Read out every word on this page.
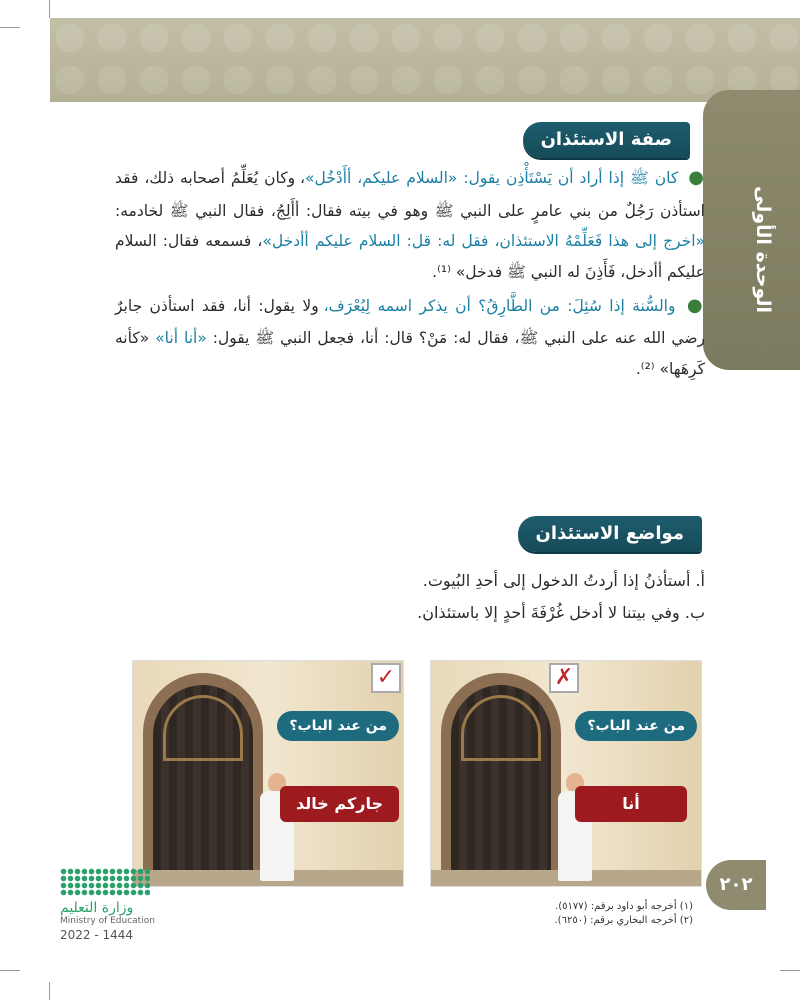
الوحدة الأولى
صفة الاستئذان

● كان ﷺ إذا أراد أن يَسْتَأْذِن يقول: «السلام عليكم، أأَدْخُل»، وكان يُعَلِّمُ أصحابه ذلك، فقد استأذن رَجُلٌ من بني عامرٍ على النبي ﷺ وهو في بيته فقال: أأَلِجُ، فقال النبي ﷺ لخادمه: «اخرج إلى هذا فَعَلِّمْهُ الاستئذان، فقل له: قل: السلام عليكم أأدخل»، فسمعه فقال: السلام عليكم أأدخل، فَأَذِنَ له النبي ﷺ فدخل» ⁽¹⁾.

● والسُّنة إذا سُئِلَ: من الطَّارِقُ؟ أن يذكر اسمه لِيُعْرَف، ولا يقول: أنا، فقد استأذن جابرٌ رضي الله عنه على النبي ﷺ، فقال له: مَنْ؟ قال: أنا، فجعل النبي ﷺ يقول: «أنا أنا» «كأنه كَرِهَها» ⁽²⁾.

مواضع الاستئذان
أ. أستأذنُ إذا أردتُ الدخول إلى أحدِ البُيوت.
ب. وفي بيتنا لا أدخل غُرْفَةَ أحدٍ إلا باستئذان.
✓
من عند الباب؟
جاركم خالد
✗
من عند الباب؟
أنا
٢٠٢
(١) أخرجه أبو داود برقم: (٥١٧٧).
(٢) أخرجه البخاري برقم: (٦٢٥٠).
وزارة التعليم
Ministry of Education
2022 - 1444
